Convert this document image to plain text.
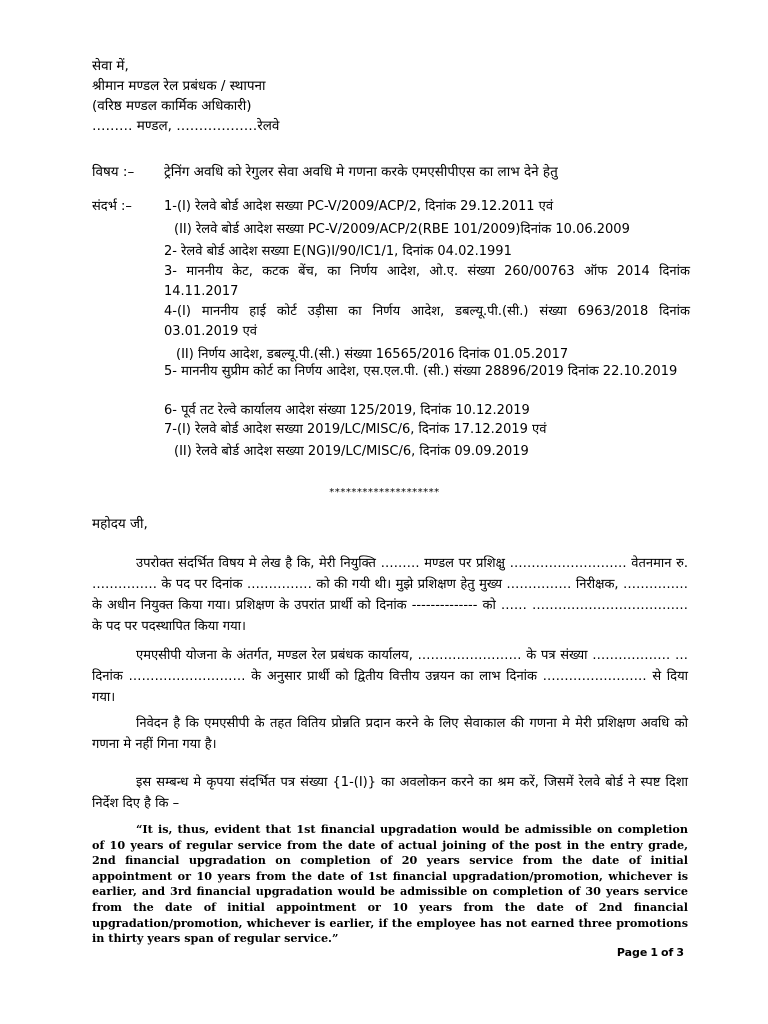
सेवा में,
श्रीमान मण्डल रेल प्रबंधक / स्थापना
(वरिष्ठ मण्डल कार्मिक अधिकारी)
……… मण्डल, ………………रेलवे
विषय :– ट्रेनिंग अवधि को रेगुलर सेवा अवधि मे गणना करके एमएसीपीएस का लाभ देने हेतु
संदर्भ :– 1-(I) रेलवे बोर्ड आदेश सख्या PC-V/2009/ACP/2, दिनांक 29.12.2011 एवं
(II) रेलवे बोर्ड आदेश सख्या PC-V/2009/ACP/2(RBE 101/2009)दिनांक 10.06.2009
2- रेलवे बोर्ड आदेश सख्या E(NG)I/90/IC1/1, दिनांक 04.02.1991
3- माननीय केट, कटक बेंच, का निर्णय आदेश, ओ.ए. संख्या 260/00763 ऑफ 2014 दिनांक 14.11.2017
4-(I) माननीय हाई कोर्ट उड़ीसा का निर्णय आदेश, डबल्यू.पी.(सी.) संख्या 6963/2018 दिनांक 03.01.2019 एवं
(II) निर्णय आदेश, डबल्यू.पी.(सी.) संख्या 16565/2016 दिनांक 01.05.2017
5- माननीय सुप्रीम कोर्ट का निर्णय आदेश, एस.एल.पी. (सी.) संख्या 28896/2019 दिनांक 22.10.2019
6- पूर्व तट रेल्वे कार्यालय आदेश संख्या 125/2019, दिनांक 10.12.2019
7-(I) रेलवे बोर्ड आदेश सख्या 2019/LC/MISC/6, दिनांक 17.12.2019 एवं
(II) रेलवे बोर्ड आदेश सख्या 2019/LC/MISC/6, दिनांक 09.09.2019
********************
महोदय जी,
उपरोक्त संदर्भित विषय मे लेख है कि, मेरी नियुक्ति ……… मण्डल पर प्रशिक्षु ……………………… वेतनमान रु. …………… के पद पर दिनांक …………… को की गयी थी। मुझे प्रशिक्षण हेतु मुख्य …………… निरीक्षक, …………… के अधीन नियुक्त किया गया। प्रशिक्षण के उपरांत प्रार्थी को दिनांक -------------- को …… ……………………………… के पद पर पदस्थापित किया गया।
एमएसीपी योजना के अंतर्गत, मण्डल रेल प्रबंधक कार्यालय, …………………… के पत्र संख्या ……………… … दिनांक ……………………… के अनुसार प्रार्थी को द्वितीय वित्तीय उन्नयन का लाभ दिनांक …………………… से दिया गया।
निवेदन है कि एमएसीपी के तहत वितिय प्रोन्नति प्रदान करने के लिए सेवाकाल की गणना मे मेरी प्रशिक्षण अवधि को गणना मे नहीं गिना गया है।
इस सम्बन्ध मे कृपया संदर्भित पत्र संख्या {1-(I)} का अवलोकन करने का श्रम करें, जिसमें रेलवे बोर्ड ने स्पष्ट दिशा निर्देश दिए है कि –
“It is, thus, evident that 1st financial upgradation would be admissible on completion of 10 years of regular service from the date of actual joining of the post in the entry grade, 2nd financial upgradation on completion of 20 years service from the date of initial appointment or 10 years from the date of 1st financial upgradation/promotion, whichever is earlier, and 3rd financial upgradation would be admissible on completion of 30 years service from the date of initial appointment or 10 years from the date of 2nd financial upgradation/promotion, whichever is earlier, if the employee has not earned three promotions in thirty years span of regular service.”
Page 1 of 3
